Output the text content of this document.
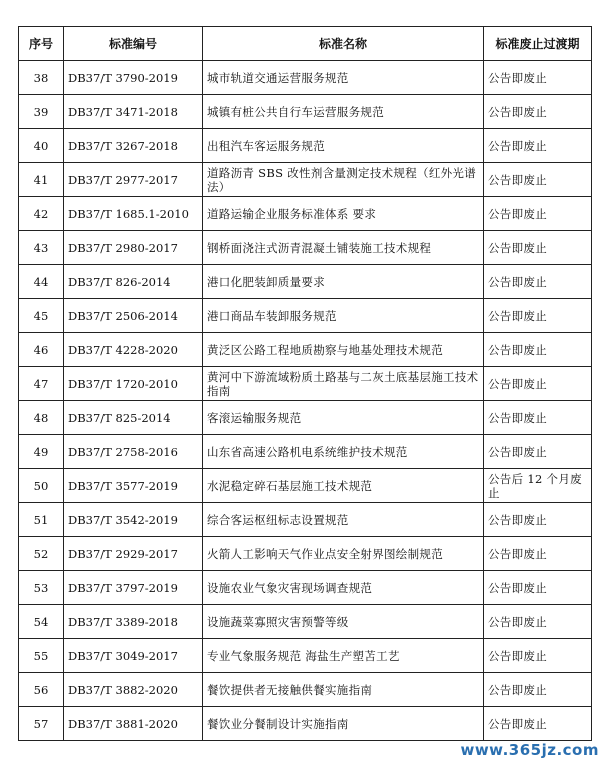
序号	标准编号	标准名称	标准废止过渡期
38	DB37/T 3790-2019	城市轨道交通运营服务规范	公告即废止
39	DB37/T 3471-2018	城镇有桩公共自行车运营服务规范	公告即废止
40	DB37/T 3267-2018	出租汽车客运服务规范	公告即废止
41	DB37/T 2977-2017	道路沥青 SBS 改性剂含量测定技术规程（红外光谱法）	公告即废止
42	DB37/T 1685.1-2010	道路运输企业服务标准体系 要求	公告即废止
43	DB37/T 2980-2017	钢桥面浇注式沥青混凝土铺装施工技术规程	公告即废止
44	DB37/T 826-2014	港口化肥装卸质量要求	公告即废止
45	DB37/T 2506-2014	港口商品车装卸服务规范	公告即废止
46	DB37/T 4228-2020	黄泛区公路工程地质勘察与地基处理技术规范	公告即废止
47	DB37/T 1720-2010	黄河中下游流域粉质土路基与二灰土底基层施工技术指南	公告即废止
48	DB37/T 825-2014	客滚运输服务规范	公告即废止
49	DB37/T 2758-2016	山东省高速公路机电系统维护技术规范	公告即废止
50	DB37/T 3577-2019	水泥稳定碎石基层施工技术规范	公告后 12 个月废止
51	DB37/T 3542-2019	综合客运枢纽标志设置规范	公告即废止
52	DB37/T 2929-2017	火箭人工影响天气作业点安全射界图绘制规范	公告即废止
53	DB37/T 3797-2019	设施农业气象灾害现场调查规范	公告即废止
54	DB37/T 3389-2018	设施蔬菜寡照灾害预警等级	公告即废止
55	DB37/T 3049-2017	专业气象服务规范 海盐生产塑苫工艺	公告即废止
56	DB37/T 3882-2020	餐饮提供者无接触供餐实施指南	公告即废止
57	DB37/T 3881-2020	餐饮业分餐制设计实施指南	公告即废止
www.365jz.com
